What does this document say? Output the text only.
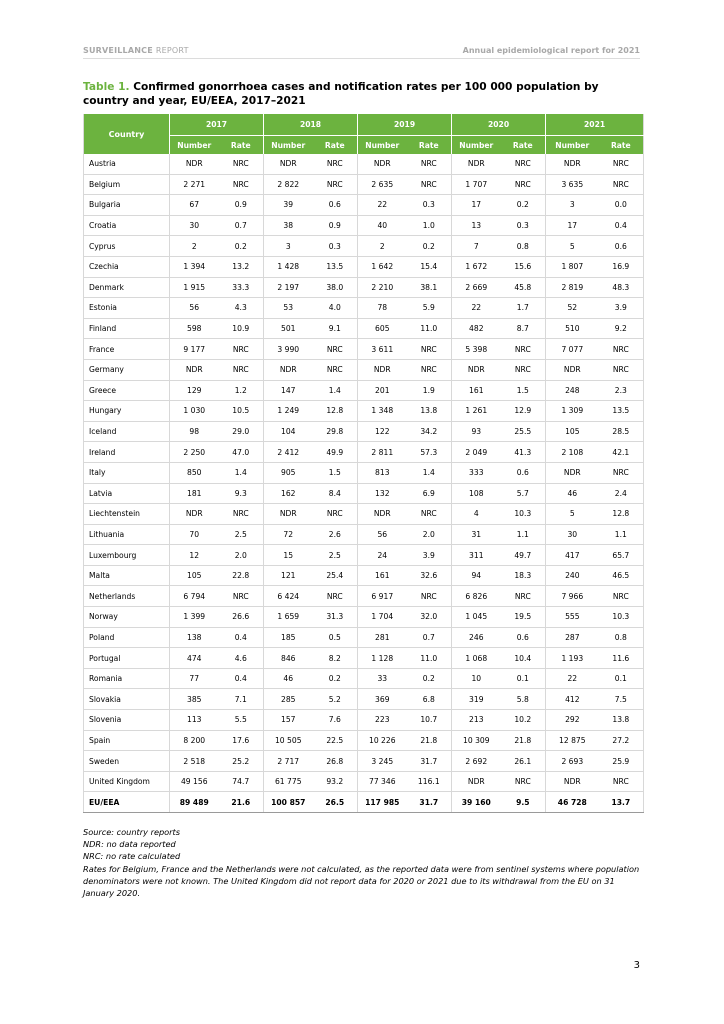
SURVEILLANCE REPORT	Annual epidemiological report for 2021
Table 1. Confirmed gonorrhoea cases and notification rates per 100 000 population by country and year, EU/EEA, 2017–2021
Country	2017		2018		2019		2020		2021	
	Number	Rate	Number	Rate	Number	Rate	Number	Rate	Number	Rate
Austria	NDR	NRC	NDR	NRC	NDR	NRC	NDR	NRC	NDR	NRC
Belgium	2 271	NRC	2 822	NRC	2 635	NRC	1 707	NRC	3 635	NRC
Bulgaria	67	0.9	39	0.6	22	0.3	17	0.2	3	0.0
Croatia	30	0.7	38	0.9	40	1.0	13	0.3	17	0.4
Cyprus	2	0.2	3	0.3	2	0.2	7	0.8	5	0.6
Czechia	1 394	13.2	1 428	13.5	1 642	15.4	1 672	15.6	1 807	16.9
Denmark	1 915	33.3	2 197	38.0	2 210	38.1	2 669	45.8	2 819	48.3
Estonia	56	4.3	53	4.0	78	5.9	22	1.7	52	3.9
Finland	598	10.9	501	9.1	605	11.0	482	8.7	510	9.2
France	9 177	NRC	3 990	NRC	3 611	NRC	5 398	NRC	7 077	NRC
Germany	NDR	NRC	NDR	NRC	NDR	NRC	NDR	NRC	NDR	NRC
Greece	129	1.2	147	1.4	201	1.9	161	1.5	248	2.3
Hungary	1 030	10.5	1 249	12.8	1 348	13.8	1 261	12.9	1 309	13.5
Iceland	98	29.0	104	29.8	122	34.2	93	25.5	105	28.5
Ireland	2 250	47.0	2 412	49.9	2 811	57.3	2 049	41.3	2 108	42.1
Italy	850	1.4	905	1.5	813	1.4	333	0.6	NDR	NRC
Latvia	181	9.3	162	8.4	132	6.9	108	5.7	46	2.4
Liechtenstein	NDR	NRC	NDR	NRC	NDR	NRC	4	10.3	5	12.8
Lithuania	70	2.5	72	2.6	56	2.0	31	1.1	30	1.1
Luxembourg	12	2.0	15	2.5	24	3.9	311	49.7	417	65.7
Malta	105	22.8	121	25.4	161	32.6	94	18.3	240	46.5
Netherlands	6 794	NRC	6 424	NRC	6 917	NRC	6 826	NRC	7 966	NRC
Norway	1 399	26.6	1 659	31.3	1 704	32.0	1 045	19.5	555	10.3
Poland	138	0.4	185	0.5	281	0.7	246	0.6	287	0.8
Portugal	474	4.6	846	8.2	1 128	11.0	1 068	10.4	1 193	11.6
Romania	77	0.4	46	0.2	33	0.2	10	0.1	22	0.1
Slovakia	385	7.1	285	5.2	369	6.8	319	5.8	412	7.5
Slovenia	113	5.5	157	7.6	223	10.7	213	10.2	292	13.8
Spain	8 200	17.6	10 505	22.5	10 226	21.8	10 309	21.8	12 875	27.2
Sweden	2 518	25.2	2 717	26.8	3 245	31.7	2 692	26.1	2 693	25.9
United Kingdom	49 156	74.7	61 775	93.2	77 346	116.1	NDR	NRC	NDR	NRC
EU/EEA	89 489	21.6	100 857	26.5	117 985	31.7	39 160	9.5	46 728	13.7
Source: country reports
NDR: no data reported
NRC: no rate calculated
Rates for Belgium, France and the Netherlands were not calculated, as the reported data were from sentinel systems where population denominators were not known. The United Kingdom did not report data for 2020 or 2021 due to its withdrawal from the EU on 31 January 2020.
3
